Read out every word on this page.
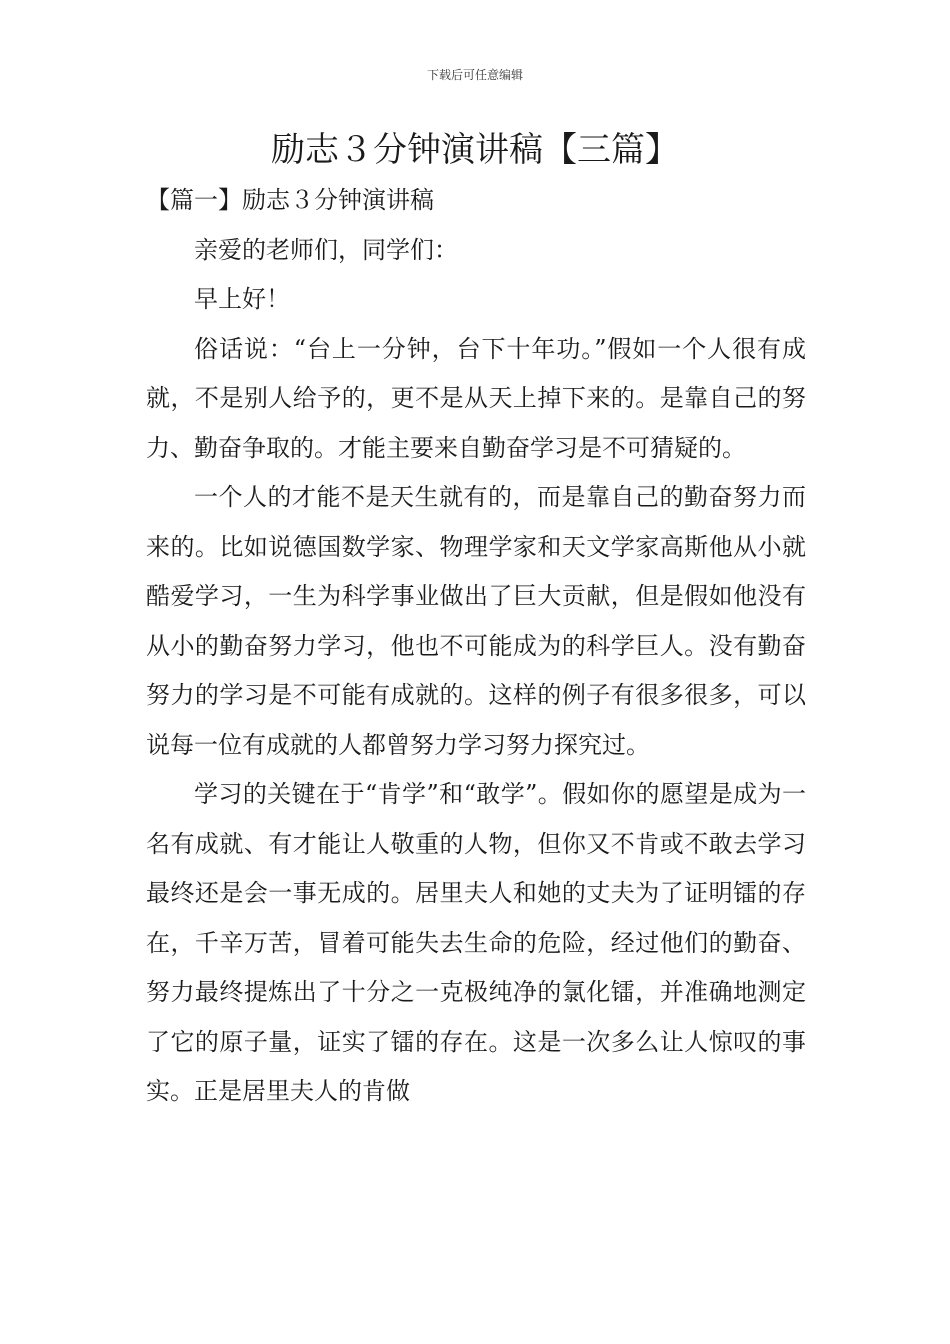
下载后可任意编辑
励志３分钟演讲稿【三篇】

【篇一】励志３分钟演讲稿

亲爱的老师们，同学们：

早上好！

俗话说：“台上一分钟，台下十年功。”假如一个人很有成就，不是别人给予的，更不是从天上掉下来的。是靠自己的努力、勤奋争取的。才能主要来自勤奋学习是不可猜疑的。

一个人的才能不是天生就有的，而是靠自己的勤奋努力而来的。比如说德国数学家、物理学家和天文学家高斯他从小就酷爱学习，一生为科学事业做出了巨大贡献，但是假如他没有从小的勤奋努力学习，他也不可能成为的科学巨人。没有勤奋努力的学习是不可能有成就的。这样的例子有很多很多，可以说每一位有成就的人都曾努力学习努力探究过。

学习的关键在于“肯学”和“敢学”。假如你的愿望是成为一名有成就、有才能让人敬重的人物，但你又不肯或不敢去学习最终还是会一事无成的。居里夫人和她的丈夫为了证明镭的存在，千辛万苦，冒着可能失去生命的危险，经过他们的勤奋、努力最终提炼出了十分之一克极纯净的氯化镭，并准确地测定了它的原子量，证实了镭的存在。这是一次多么让人惊叹的事实。正是居里夫人的肯做
